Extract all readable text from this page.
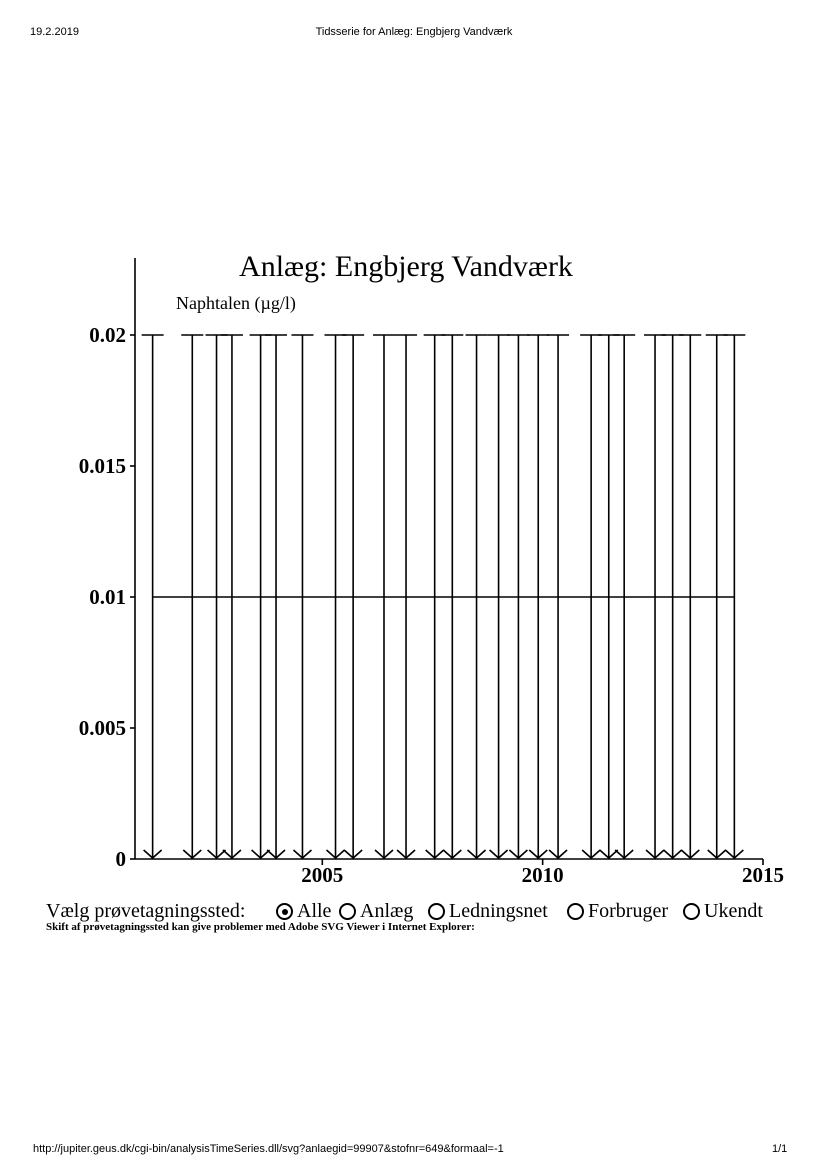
19.2.2019	Tidsserie for Anlæg: Engbjerg Vandværk
Anlæg: Engbjerg Vandværk
Naphtalen (µg/l)
0
0.005
0.01
0.015
0.02
2005	2010	2015
Vælg prøvetagningssted:	Alle Anlæg Ledningsnet Forbruger Ukendt
Skift af prøvetagningssted kan give problemer med Adobe SVG Viewer i Internet Explorer:
http://jupiter.geus.dk/cgi-bin/analysisTimeSeries.dll/svg?anlaegid=99907&stofnr=649&formaal=-1	1/1
